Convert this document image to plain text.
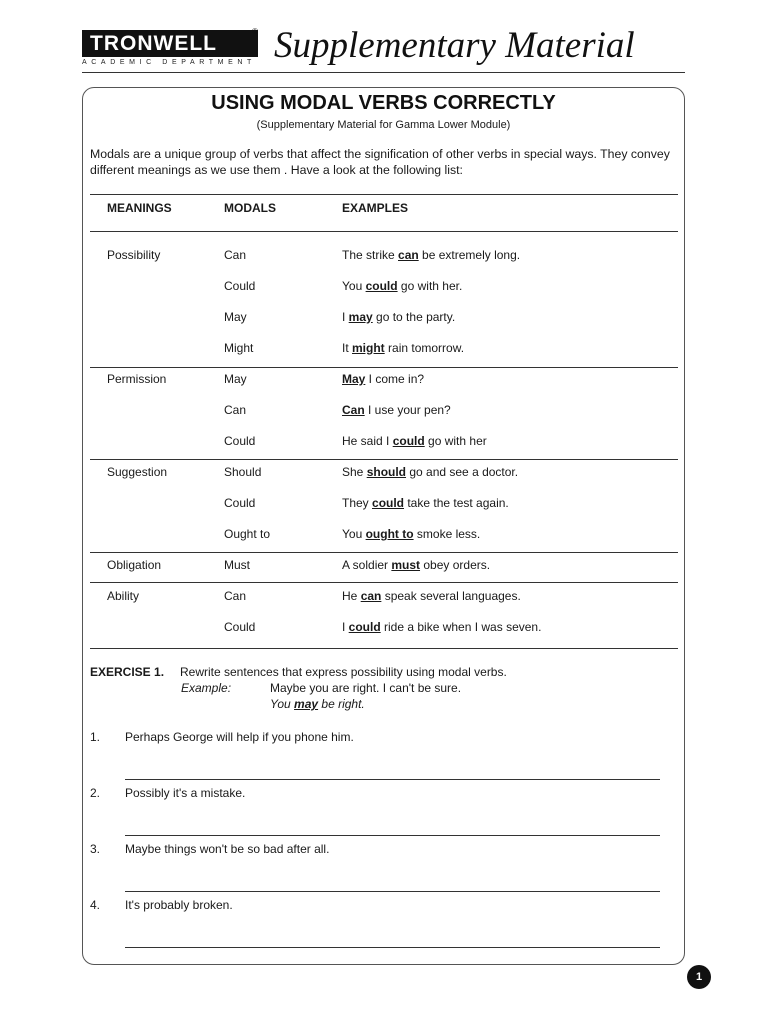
TRONWELL
®
ACADEMIC DEPARTMENT Supplementary Material
USING MODAL VERBS CORRECTLY
(Supplementary Material for Gamma Lower Module)

Modals are a unique group of verbs that affect the signification of other verbs in special ways. They convey different meanings as we use them . Have a look at the following list:

MEANINGS	MODALS	EXAMPLES
Possibility	Can	The strike can be extremely long.
Could	You could go with her.
May	I may go to the party.
Might	It might rain tomorrow.
Permission	May	May I come in?
Can	Can I use your pen?
Could	He said I could go with her
Suggestion	Should	She should go and see a doctor.
Could	They could take the test again.
Ought to	You ought to smoke less.
Obligation	Must	A soldier must obey orders.
Ability	Can	He can speak several languages.
Could	I could ride a bike when I was seven.
EXERCISE 1. Rewrite sentences that express possibility using modal verbs.
Example:	Maybe you are right. I can't be sure.
You may be right.
1. Perhaps George will help if you phone him.
2. Possibly it's a mistake.
3. Maybe things won't be so bad after all.
4. It's probably broken.
1
